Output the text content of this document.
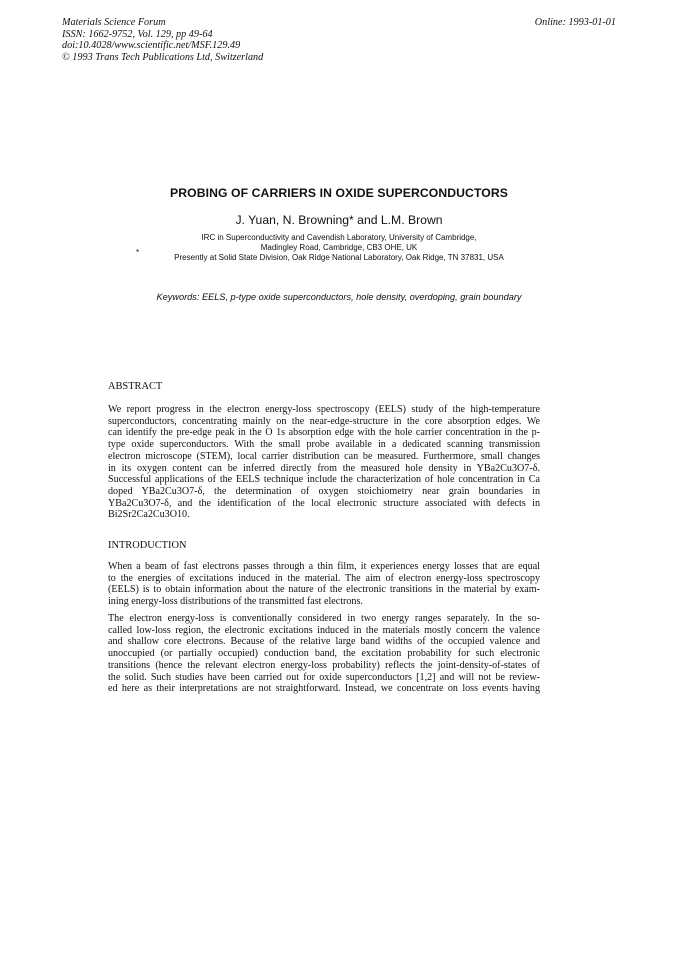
Materials Science Forum
ISSN: 1662-9752, Vol. 129, pp 49-64
doi:10.4028/www.scientific.net/MSF.129.49
© 1993 Trans Tech Publications Ltd, Switzerland
Online: 1993-01-01
PROBING OF CARRIERS IN OXIDE SUPERCONDUCTORS
J. Yuan, N. Browning* and L.M. Brown
IRC in Superconductivity and Cavendish Laboratory, University of Cambridge,
Madingley Road, Cambridge, CB3 OHE, UK
*
Presently at Solid State Division, Oak Ridge National Laboratory, Oak Ridge, TN 37831, USA
Keywords: EELS, p-type oxide superconductors, hole density, overdoping, grain boundary
ABSTRACT
We report progress in the electron energy-loss spectroscopy (EELS) study of the high-temperature
superconductors, concentrating mainly on the near-edge-structure in the core absorption edges. We
can identify the pre-edge peak in the O 1s absorption edge with the hole carrier concentration in the p-
type oxide superconductors. With the small probe available in a dedicated scanning transmission
electron microscope (STEM), local carrier distribution can be measured. Furthermore, small changes
in its oxygen content can be inferred directly from the measured hole density in YBa2Cu3O7-δ.
Successful applications of the EELS technique include the characterization of hole concentration in Ca
doped YBa2Cu3O7-δ, the determination of oxygen stoichiometry near grain boundaries in
YBa2Cu3O7-δ, and the identification of the local electronic structure associated with defects in
Bi2Sr2Ca2Cu3O10.
INTRODUCTION
When a beam of fast electrons passes through a thin film, it experiences energy losses that are equal
to the energies of excitations induced in the material. The aim of electron energy-loss spectroscopy
(EELS) is to obtain information about the nature of the electronic transitions in the material by exam-
ining energy-loss distributions of the transmitted fast electrons.
The electron energy-loss is conventionally considered in two energy ranges separately. In the so-
called low-loss region, the electronic excitations induced in the materials mostly concern the valence
and shallow core electrons. Because of the relative large band widths of the occupied valence and
unoccupied (or partially occupied) conduction band, the excitation probability for such electronic
transitions (hence the relevant electron energy-loss probability) reflects the joint-density-of-states of
the solid. Such studies have been carried out for oxide superconductors [1,2] and will not be review-
ed here as their interpretations are not straightforward. Instead, we concentrate on loss events having
